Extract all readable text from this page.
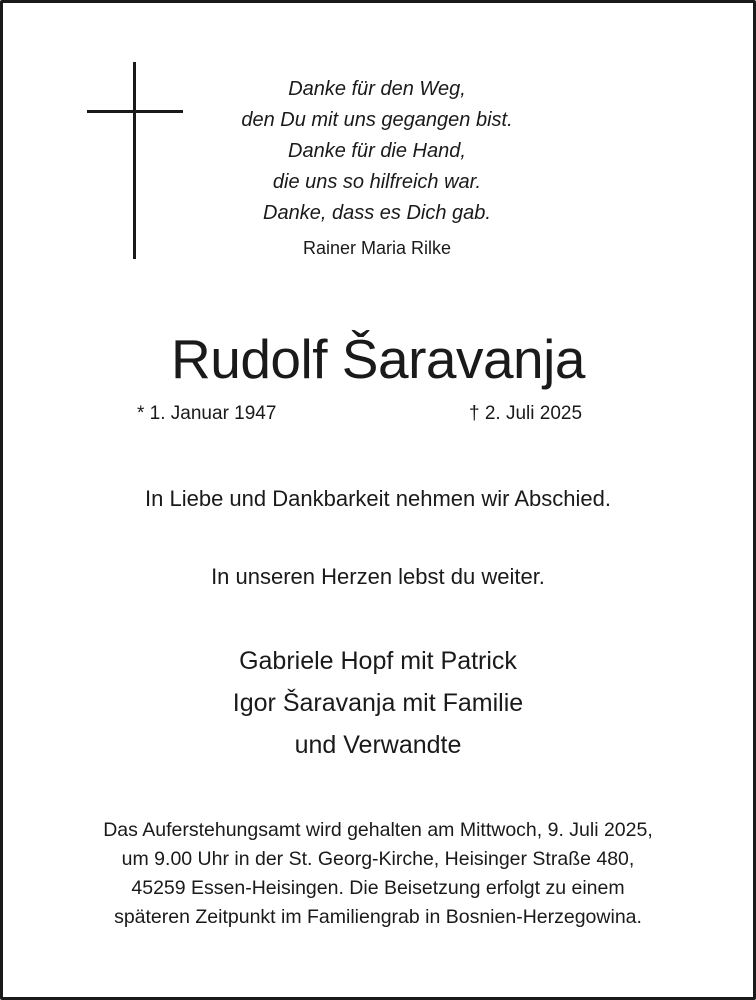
Danke für den Weg,
den Du mit uns gegangen bist.
Danke für die Hand,
die uns so hilfreich war.
Danke, dass es Dich gab.
Rainer Maria Rilke
Rudolf Šaravanja
* 1. Januar 1947	† 2. Juli 2025
In Liebe und Dankbarkeit nehmen wir Abschied.
In unseren Herzen lebst du weiter.
Gabriele Hopf mit Patrick
Igor Šaravanja mit Familie
und Verwandte
Das Auferstehungsamt wird gehalten am Mittwoch, 9. Juli 2025,
um 9.00 Uhr in der St. Georg-Kirche, Heisinger Straße 480,
45259 Essen-Heisingen. Die Beisetzung erfolgt zu einem
späteren Zeitpunkt im Familiengrab in Bosnien-Herzegowina.
